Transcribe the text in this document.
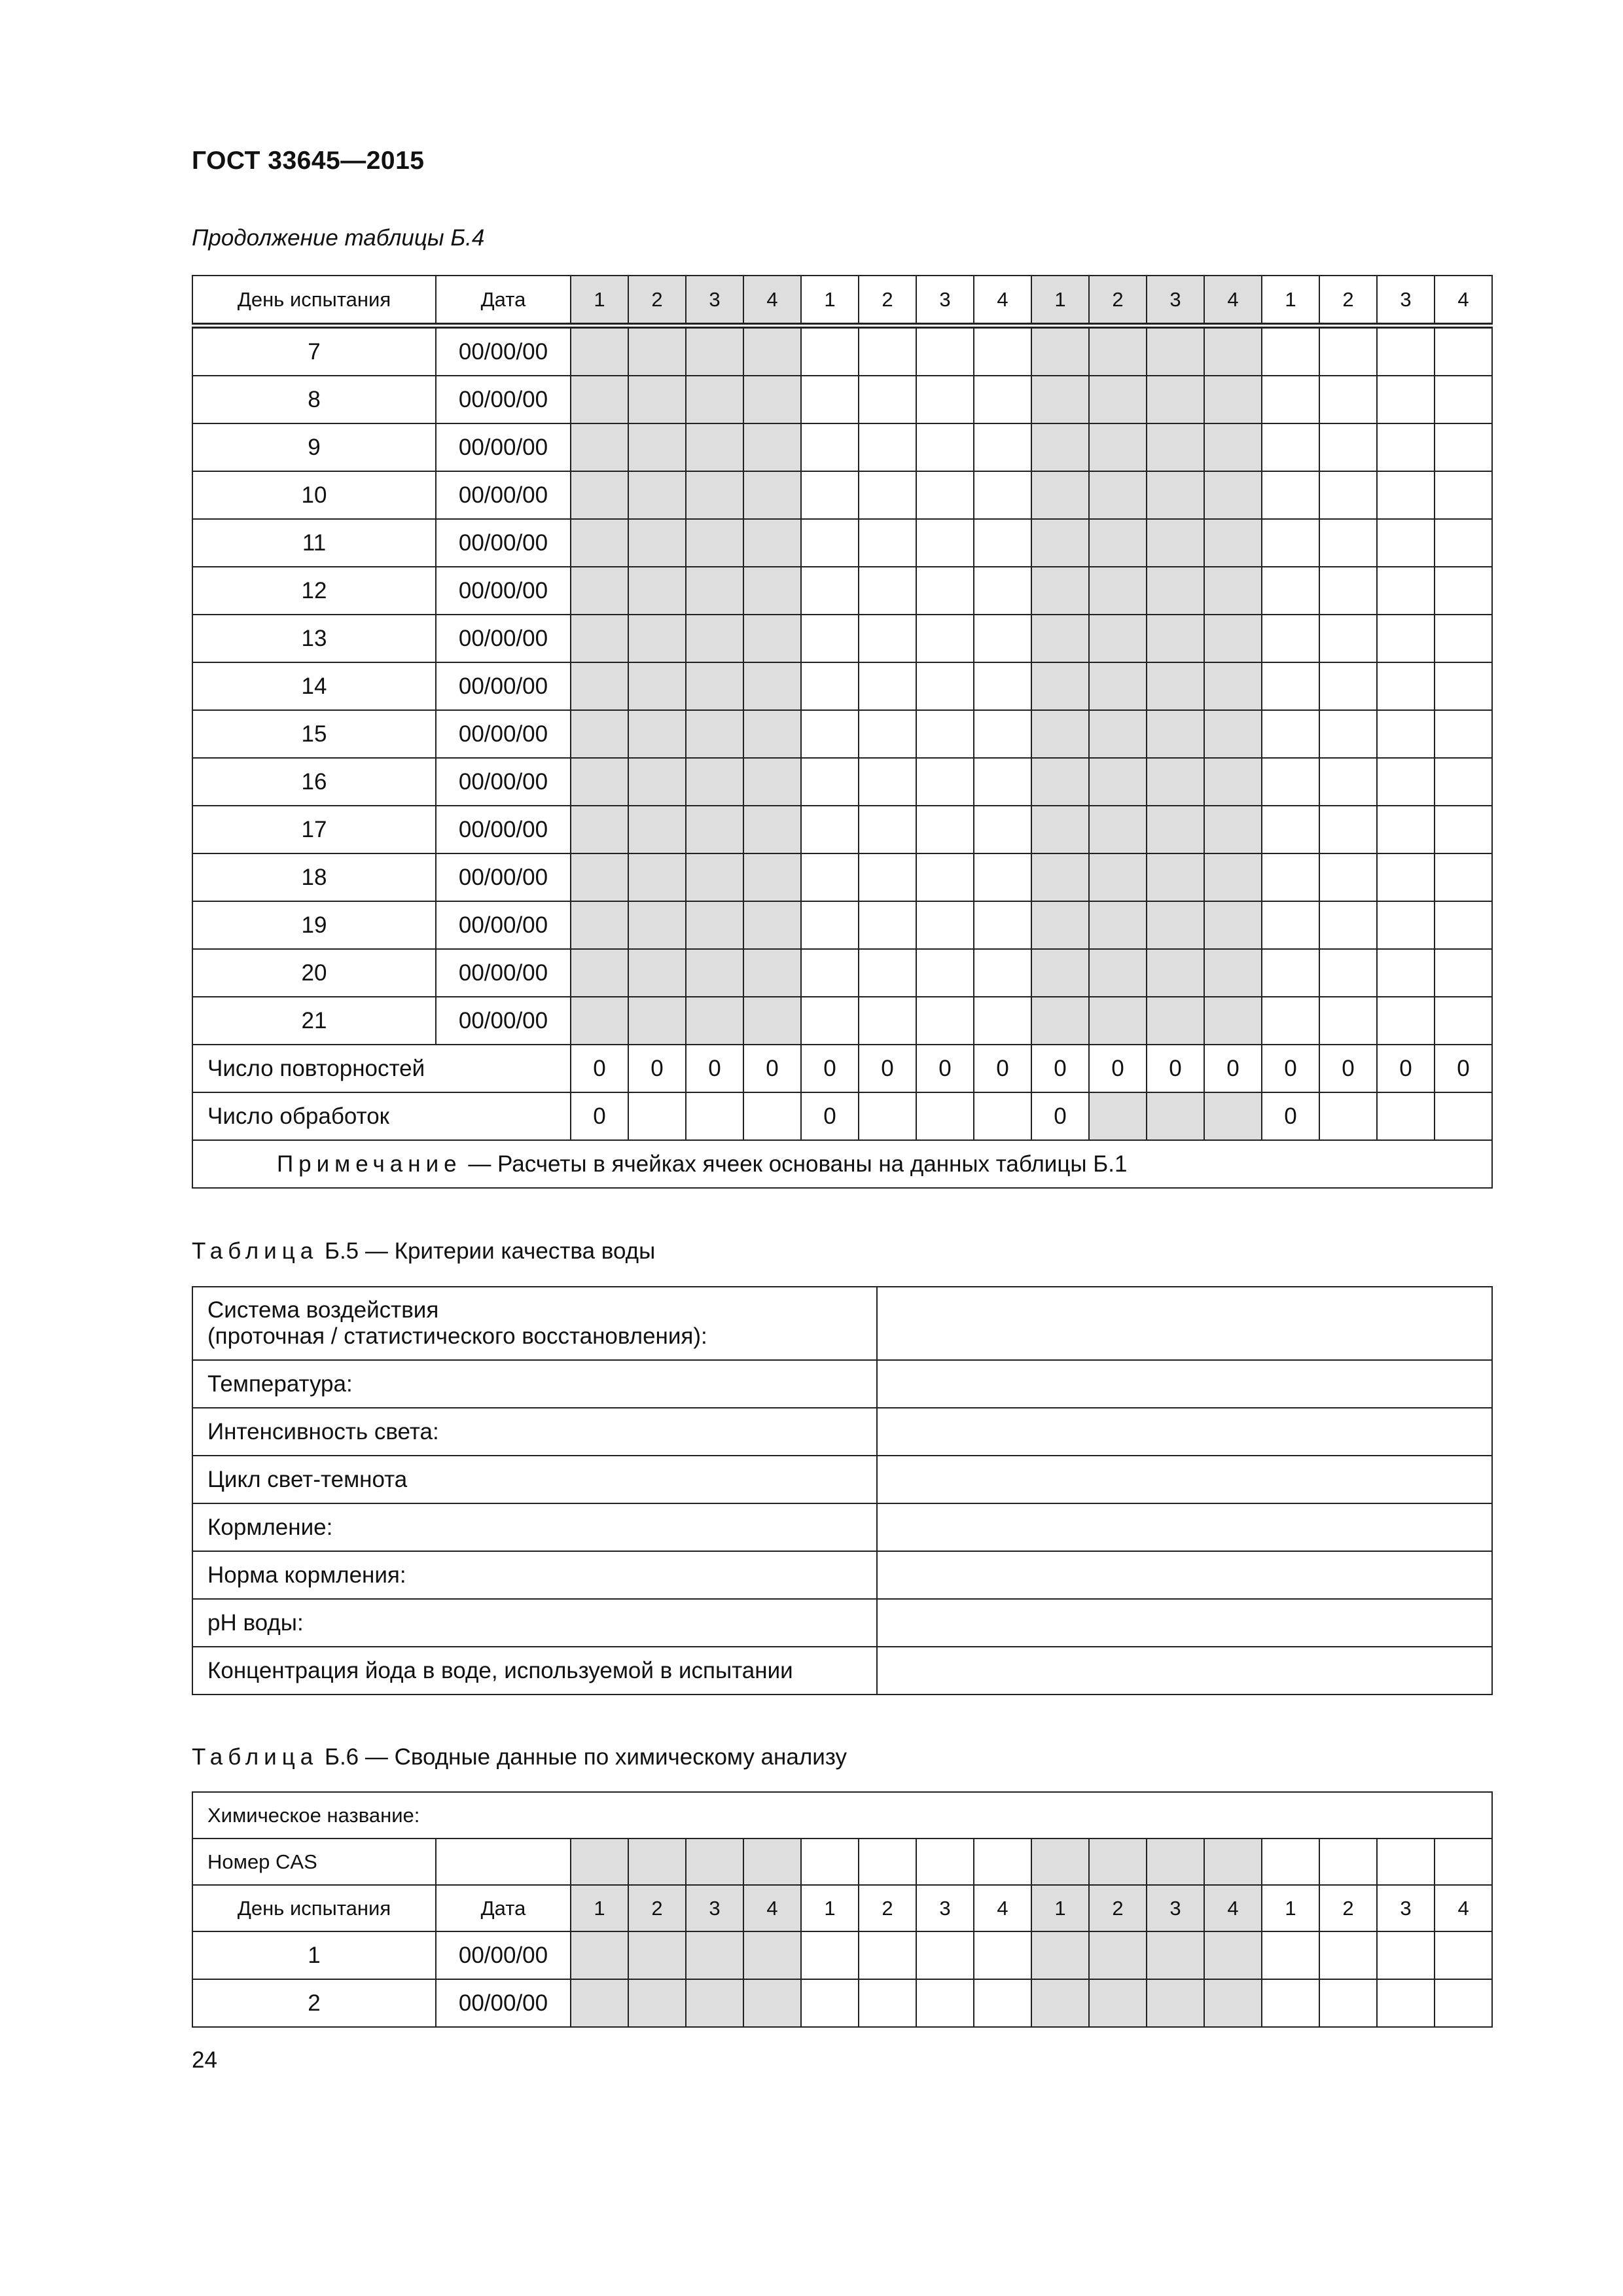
ГОСТ 33645—2015
Продолжение таблицы Б.4
День испытания	Дата	1	2	3	4	1	2	3	4	1	2	3	4	1	2	3	4
7	00/00/00																
8	00/00/00																
9	00/00/00																
10	00/00/00																
11	00/00/00																
12	00/00/00																
13	00/00/00																
14	00/00/00																
15	00/00/00																
16	00/00/00																
17	00/00/00																
18	00/00/00																
19	00/00/00																
20	00/00/00																
21	00/00/00																
Число повторностей		0	0	0	0	0	0	0	0	0	0	0	0	0	0	0	0
Число обработок		0				0				0				0			
Примечание — Расчеты в ячейках ячеек основаны на данных таблицы Б.1																	
Таблица Б.5 — Критерии качества воды
Система воздействия
(проточная / статистического восстановления):	
Температура:	
Интенсивность света:	
Цикл свет-темнота	
Кормление:	
Норма кормления:	
pH воды:	
Концентрация йода в воде, используемой в испытании	
Таблица Б.6 — Сводные данные по химическому анализу
Химическое название:																	
Номер CAS																	
День испытания	Дата	1	2	3	4	1	2	3	4	1	2	3	4	1	2	3	4
1	00/00/00																
2	00/00/00																
24
